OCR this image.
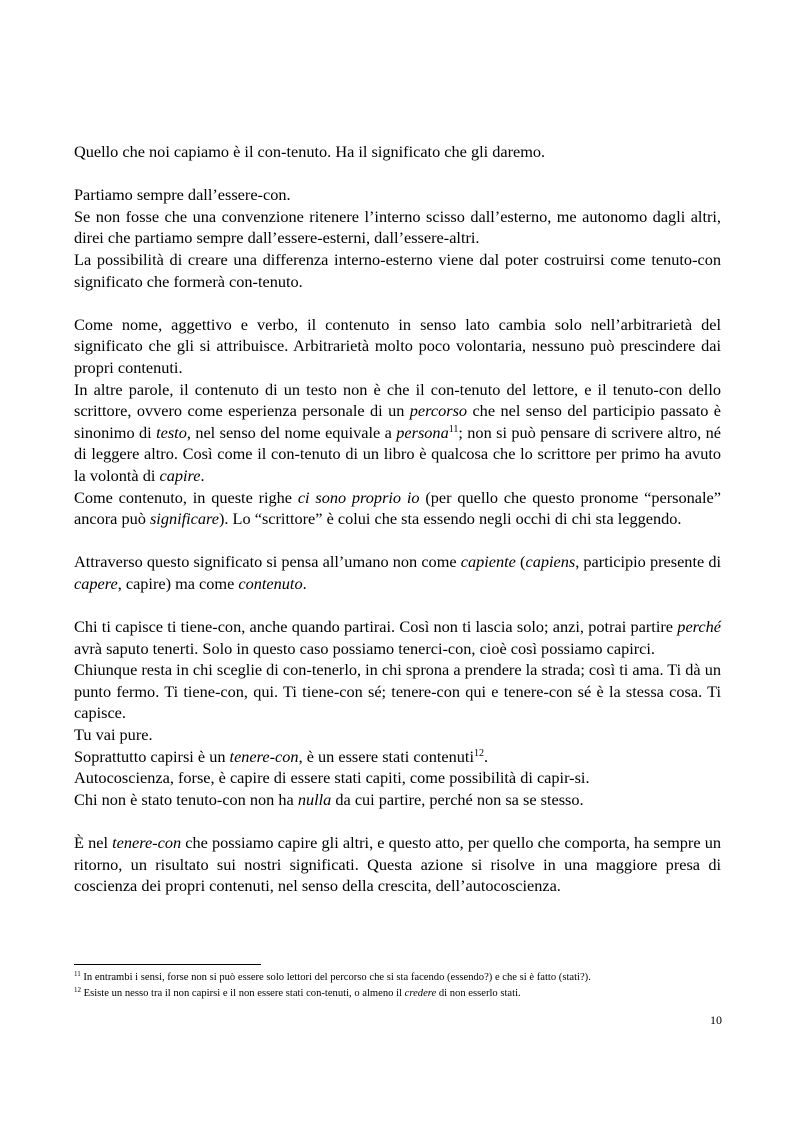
Quello che noi capiamo è il con-tenuto. Ha il significato che gli daremo.

Partiamo sempre dall’essere-con.

Se non fosse che una convenzione ritenere l’interno scisso dall’esterno, me autonomo dagli altri, direi che partiamo sempre dall’essere-esterni, dall’essere-altri.

La possibilità di creare una differenza interno-esterno viene dal poter costruirsi come tenuto-con significato che formerà con-tenuto.

Come nome, aggettivo e verbo, il contenuto in senso lato cambia solo nell’arbitrarietà del significato che gli si attribuisce. Arbitrarietà molto poco volontaria, nessuno può prescindere dai propri contenuti.

In altre parole, il contenuto di un testo non è che il con-tenuto del lettore, e il tenuto-con dello scrittore, ovvero come esperienza personale di un percorso che nel senso del participio passato è sinonimo di testo, nel senso del nome equivale a persona$^{11}$; non si può pensare di scrivere altro, né di leggere altro. Così come il con-tenuto di un libro è qualcosa che lo scrittore per primo ha avuto la volontà di capire.

Come contenuto, in queste righe ci sono proprio io (per quello che questo pronome “personale” ancora può significare). Lo “scrittore” è colui che sta essendo negli occhi di chi sta leggendo.

Attraverso questo significato si pensa all’umano non come capiente (capiens, participio presente di capere, capire) ma come contenuto.

Chi ti capisce ti tiene-con, anche quando partirai. Così non ti lascia solo; anzi, potrai partire perché avrà saputo tenerti. Solo in questo caso possiamo tenerci-con, cioè così possiamo capirci.

Chiunque resta in chi sceglie di con-tenerlo, in chi sprona a prendere la strada; così ti ama. Ti dà un punto fermo. Ti tiene-con, qui. Ti tiene-con sé; tenere-con qui e tenere-con sé è la stessa cosa. Ti capisce.

Tu vai pure.

Soprattutto capirsi è un tenere-con, è un essere stati contenuti$^{12}$.

Autocoscienza, forse, è capire di essere stati capiti, come possibilità di capir-si.

Chi non è stato tenuto-con non ha nulla da cui partire, perché non sa se stesso.

È nel tenere-con che possiamo capire gli altri, e questo atto, per quello che comporta, ha sempre un ritorno, un risultato sui nostri significati. Questa azione si risolve in una maggiore presa di coscienza dei propri contenuti, nel senso della crescita, dell’autocoscienza.

$^{11}$ In entrambi i sensi, forse non si può essere solo lettori del percorso che si sta facendo (essendo?) e che si è fatto (stati?).

$^{12}$ Esiste un nesso tra il non capirsi e il non essere stati con-tenuti, o almeno il credere di non esserlo stati.

10
